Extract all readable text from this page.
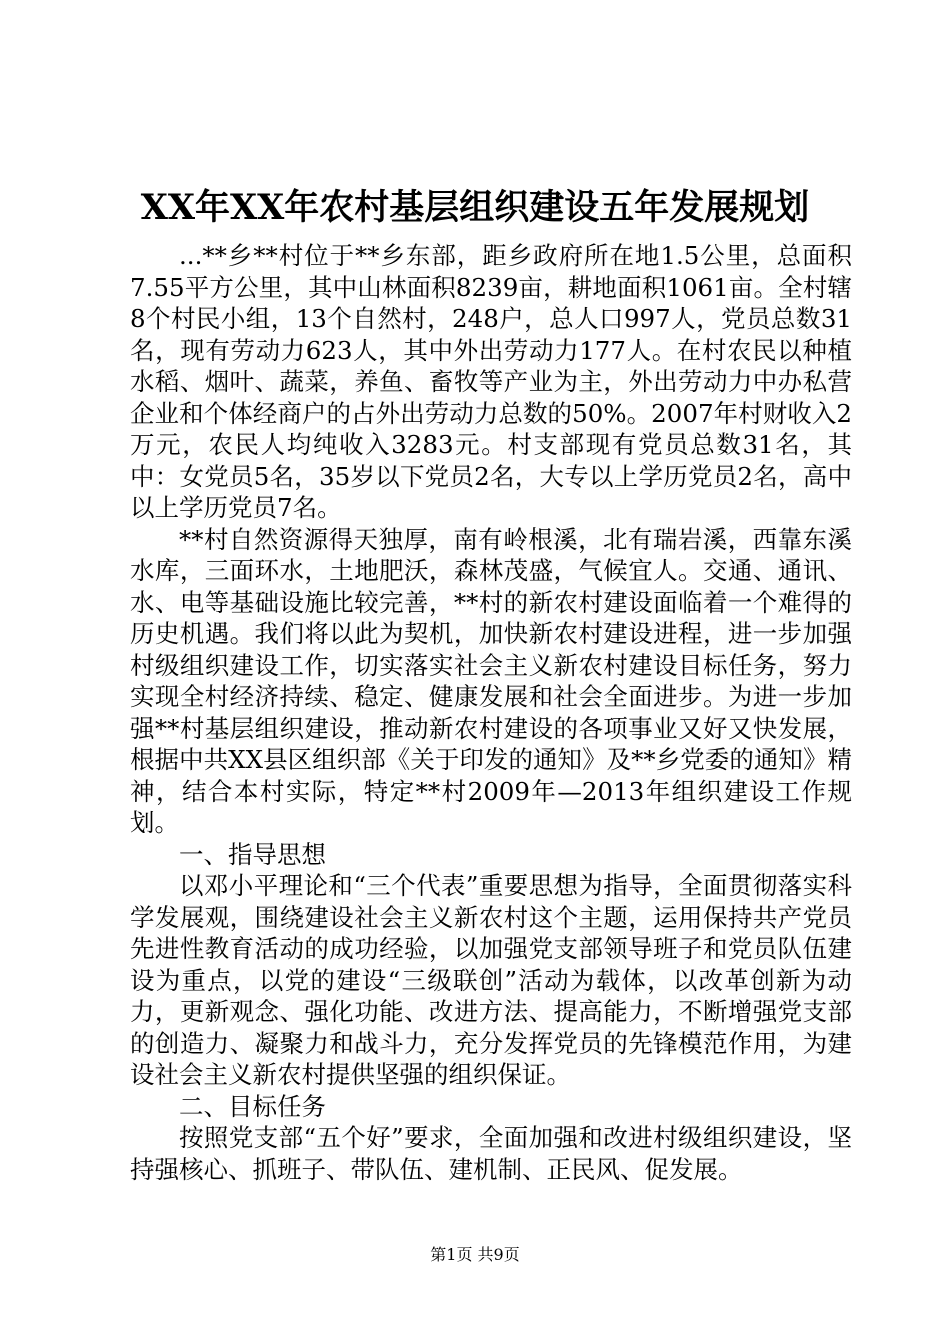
XX年XX年农村基层组织建设五年发展规划

...**乡**村位于**乡东部，距乡政府所在地1.5公里，总面积7.55平方公里，其中山林面积8239亩，耕地面积1061亩。全村辖8个村民小组，13个自然村，248户，总人口997人，党员总数31名，现有劳动力623人，其中外出劳动力177人。在村农民以种植水稻、烟叶、蔬菜，养鱼、畜牧等产业为主，外出劳动力中办私营企业和个体经商户的占外出劳动力总数的50%。2007年村财收入2万元，农民人均纯收入3283元。村支部现有党员总数31名，其中：女党员5名，35岁以下党员2名，大专以上学历党员2名，高中以上学历党员7名。

**村自然资源得天独厚，南有岭根溪，北有瑞岩溪，西靠东溪水库，三面环水，土地肥沃，森林茂盛，气候宜人。交通、通讯、水、电等基础设施比较完善，**村的新农村建设面临着一个难得的历史机遇。我们将以此为契机，加快新农村建设进程，进一步加强村级组织建设工作，切实落实社会主义新农村建设目标任务，努力实现全村经济持续、稳定、健康发展和社会全面进步。为进一步加强**村基层组织建设，推动新农村建设的各项事业又好又快发展，根据中共XX县区组织部《关于印发的通知》及**乡党委的通知》精神，结合本村实际，特定**村2009年—2013年组织建设工作规划。

一、指导思想

以邓小平理论和“三个代表”重要思想为指导，全面贯彻落实科学发展观，围绕建设社会主义新农村这个主题，运用保持共产党员先进性教育活动的成功经验，以加强党支部领导班子和党员队伍建设为重点，以党的建设“三级联创”活动为载体，以改革创新为动力，更新观念、强化功能、改进方法、提高能力，不断增强党支部的创造力、凝聚力和战斗力，充分发挥党员的先锋模范作用，为建设社会主义新农村提供坚强的组织保证。

二、目标任务

按照党支部“五个好”要求，全面加强和改进村级组织建设，坚持强核心、抓班子、带队伍、建机制、正民风、促发展。

第1页 共9页
